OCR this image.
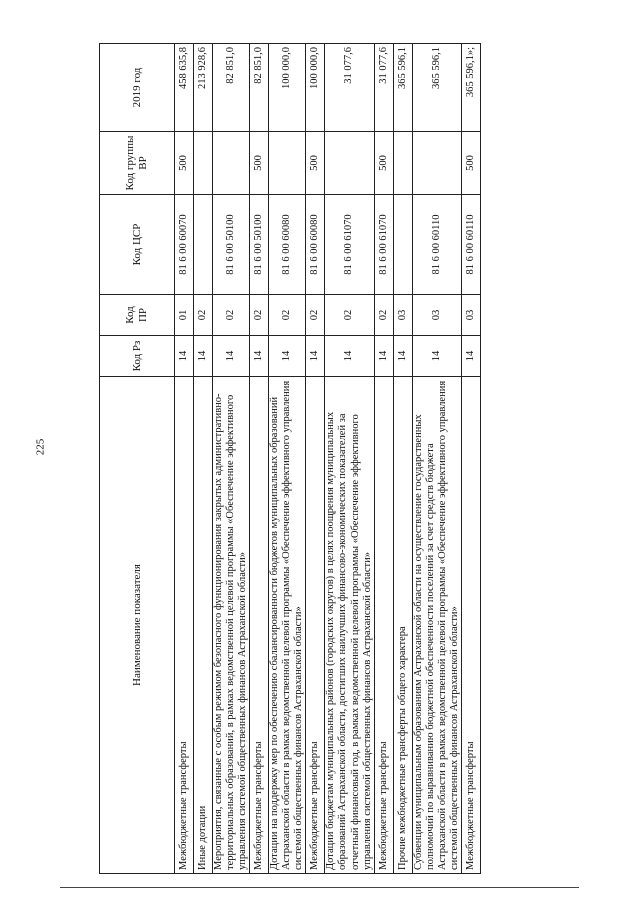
225
Наименование показателя	Код Рз	Код ПР	Код ЦСР	Код группы ВР	2019 год
Межбюджетные трансферты	14	01	81 6 00 60070	500	458 635,8
Иные дотации	14	02			213 928,6
Мероприятия, связанные с особым режимом безопасного функционирования закрытых административно-территориальных образований, в рамках ведомственной целевой программы «Обеспечение эффективного управления системой общественных финансов Астраханской области»	14	02	81 6 00 50100		82 851,0
Межбюджетные трансферты	14	02	81 6 00 50100	500	82 851,0
Дотации на поддержку мер по обеспечению сбалансированности бюджетов муниципальных образований Астраханской области в рамках ведомственной целевой программы «Обеспечение эффективного управления системой общественных финансов Астраханской области»	14	02	81 6 00 60080		100 000,0
Межбюджетные трансферты	14	02	81 6 00 60080	500	100 000,0
Дотации бюджетам муниципальных районов (городских округов) в целях поощрения муниципальных образований Астраханской области, достигших наилучших финансово-экономических показателей за отчетный финансовый год, в рамках ведомственной целевой программы «Обеспечение эффективного управления системой общественных финансов Астраханской области»	14	02	81 6 00 61070		31 077,6
Межбюджетные трансферты	14	02	81 6 00 61070	500	31 077,6
Прочие межбюджетные трансферты общего характера	14	03			365 596,1
Субвенции муниципальным образованиям Астраханской области на осуществление государственных полномочий по выравниванию бюджетной обеспеченности поселений за счет средств бюджета Астраханской области в рамках ведомственной целевой программы «Обеспечение эффективного управления системой общественных финансов Астраханской области»	14	03	81 6 00 60110		365 596,1
Межбюджетные трансферты	14	03	81 6 00 60110	500	365 596,1»;
